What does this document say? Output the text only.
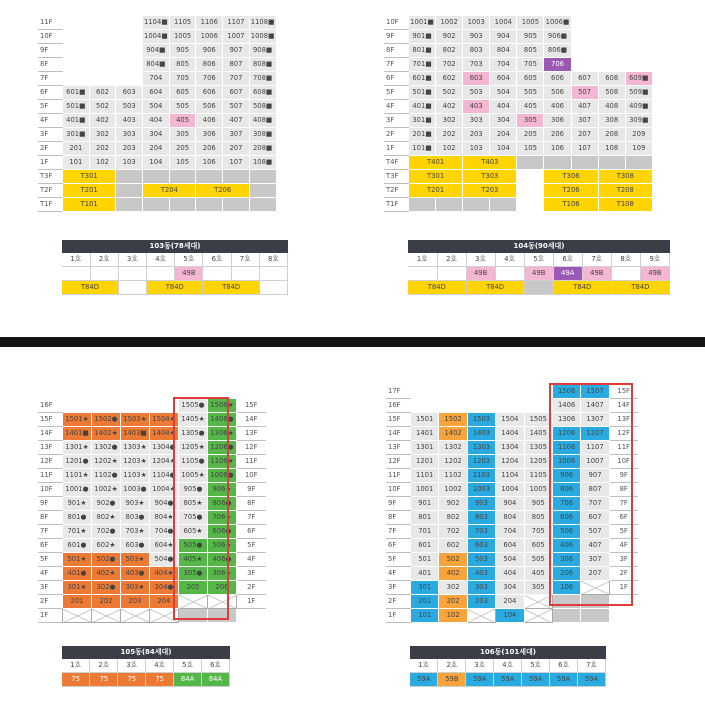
11F				1104■	1105	1106	1107	1108■
10F				1004■	1005	1006	1007	1008■
9F				904■	905	906	907	908■
8F				804■	805	806	807	808■
7F				704	705	706	707	708■
6F	601■	602	603	604	605	606	607	608■
5F	501■	502	503	504	505	506	507	508■
4F	401■	402	403	404	405	406	407	408■
3F	301■	302	303	304	305	306	307	308■
2F	201	202	203	204	205	206	207	208■
1F	101	102	103	104	105	106	107	108■
T3F	T301							
T2F	T201			T204		T206		
T1F	T101							
103동(78세대)
1호	2호	3호	4호	5호	6호	7호	8호
				49B			
T84D			T84D		T84D		
10F	1001■	1002	1003	1004	1005	1006■			
9F	901■	902	903	904	905	906■			
8F	801■	802	803	804	805	806■			
7F	701■	702	703	704	705	706			
6F	601■	602	603	604	605	606	607	608	609■
5F	501■	502	503	504	505	506	507	508	509■
4F	401■	402	403	404	405	406	407	408	409■
3F	301■	302	303	304	305	306	307	308	309■
2F	201■	202	203	204	205	206	207	208	209
1F	101■	102	103	104	105	106	107	108	109
T4F	T401		T403						
T3F	T301		T303			T306		T308	
T2F	T201		T203			T206		T208	
T1F						T106		T108	
104동(90세대)
1호	2호	3호	4호	5호	6호	7호	8호	9호
		49B		49B	49A	49B		49B
T84D		T84D			T84D		T84D	
16F					1505●	1506★	15F
15F	1501★	1502●	1503★	1504★	1405★	1406●	14F
14F	1401■	1402★	1403■	1404★	1305●	1306★	13F
13F	1301★	1302●	1303★	1304●	1205★	1206●	12F
12F	1201●	1202★	1203★	1204★	1105●	1106★	11F
11F	1101★	1102●	1103★	1104●	1005★	1006●	10F
10F	1001●	1002★	1003●	1004★	905●	906★	9F
9F	901★	902●	903★	904●	805★	806●	8F
8F	801●	802★	803●	804★	705●	706★	7F
7F	701★	702●	703★	704●	605★	606●	6F
6F	601●	602★	603●	604★	505●	506★	5F
5F	501★	502●	503★	504●	405★	406●	4F
4F	401●	402★	403●	404★	305●	306★	3F
3F	301★	302●	303★	304●	205	206	2F
2F	201	202	203	204			1F
1F							
105동(84세대)
1호	2호	3호	4호	5호	6호
75	75	75	75	84A	84A
17F						1506	1507	15F
16F						1406	1407	14F
15F	1501	1502	1503	1504	1505	1306	1307	13F
14F	1401	1402	1403	1404	1405	1206	1207	12F
13F	1301	1302	1303	1304	1305	1106	1107	11F
12F	1201	1202	1203	1204	1205	1006	1007	10F
11F	1101	1102	1103	1104	1105	906	907	9F
10F	1001	1002	1003	1004	1005	806	807	8F
9F	901	902	903	904	905	706	707	7F
8F	801	802	803	804	805	606	607	6F
7F	701	702	703	704	705	506	507	5F
6F	601	602	603	604	605	406	407	4F
5F	501	502	503	504	505	306	307	3F
4F	401	402	403	404	405	206	207	2F
3F	301	302	303	304	305	106		1F
2F	201	202	203	204				
1F	101	102		104				
106동(101세대)
1호	2호	3호	4호	5호	6호	7호
59A	59B	59A	59A	59A	59A	59A
